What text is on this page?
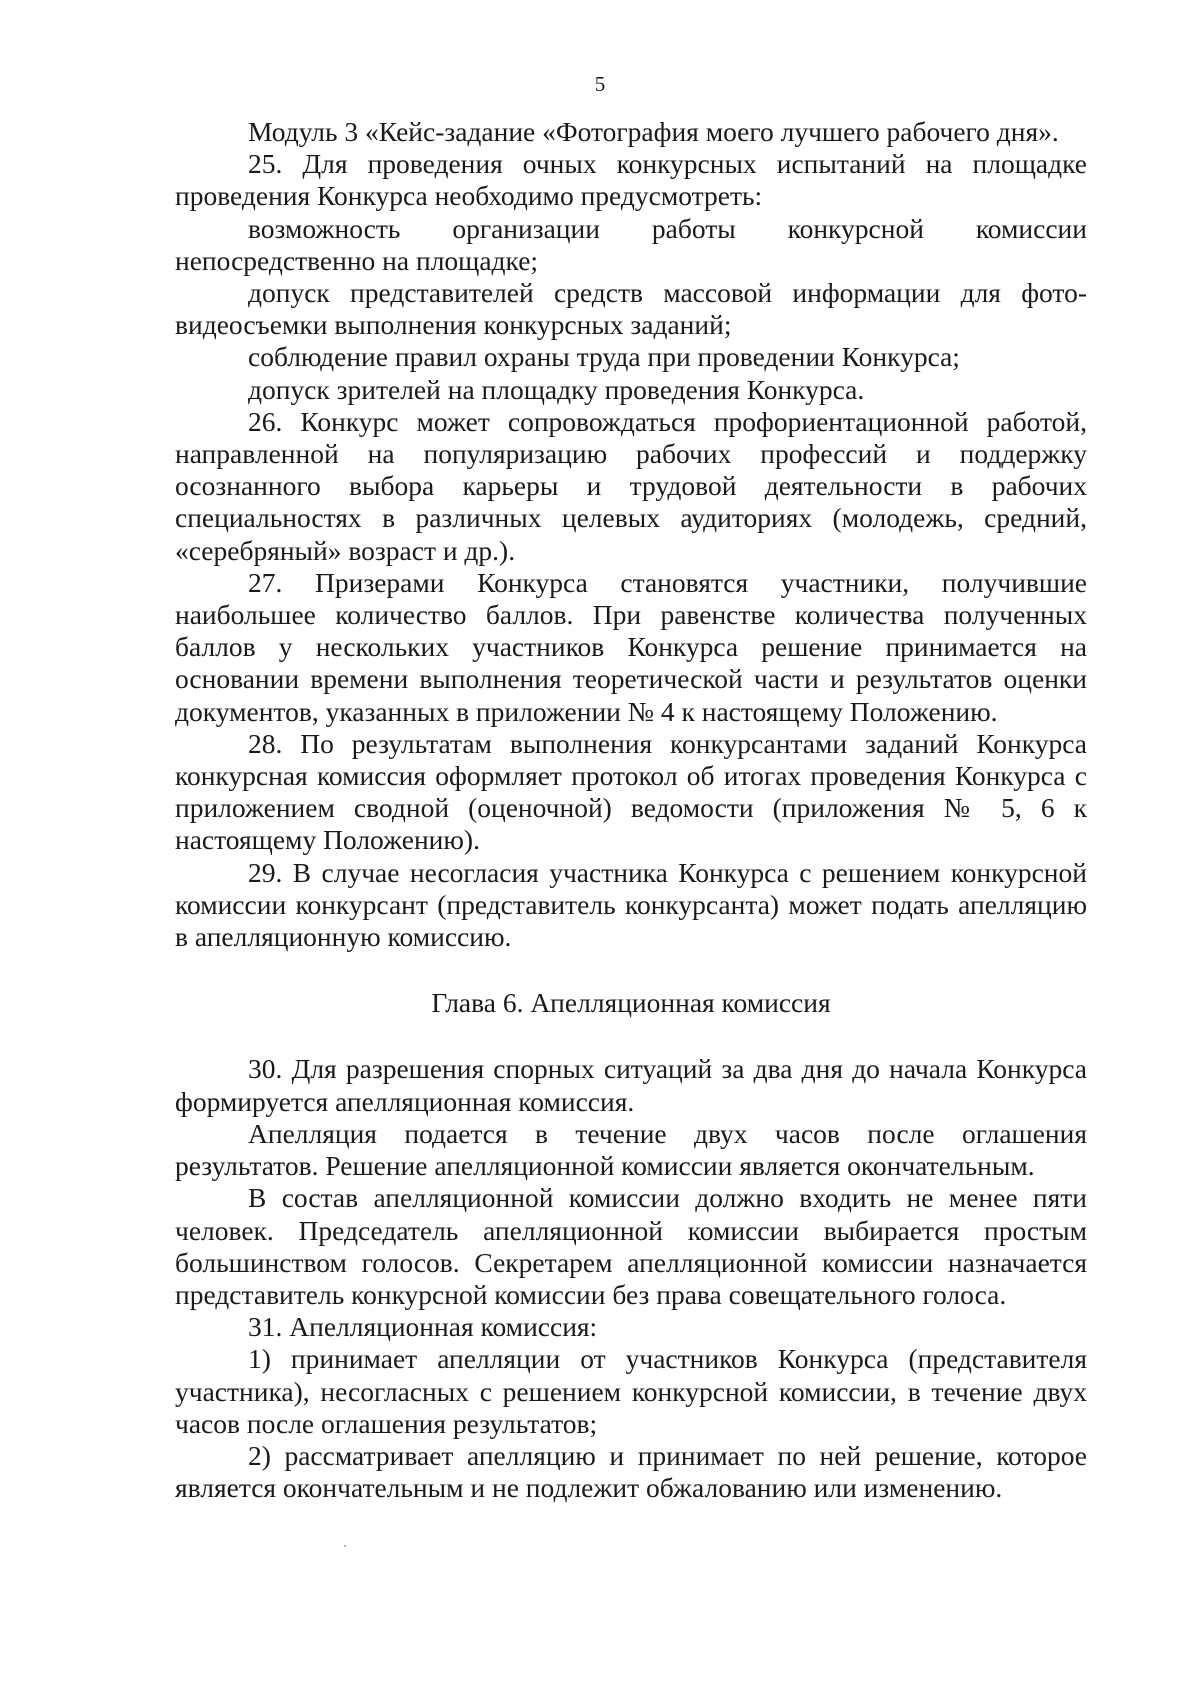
5

Модуль 3 «Кейс-задание «Фотография моего лучшего рабочего дня».

25. Для проведения очных конкурсных испытаний на площадке проведения Конкурса необходимо предусмотреть:

возможность организации работы конкурсной комиссии непосредственно на площадке;

допуск представителей средств массовой информации для фото-видеосъемки выполнения конкурсных заданий;

соблюдение правил охраны труда при проведении Конкурса;

допуск зрителей на площадку проведения Конкурса.

26. Конкурс может сопровождаться профориентационной работой, направленной на популяризацию рабочих профессий и поддержку осознанного выбора карьеры и трудовой деятельности в рабочих специальностях в различных целевых аудиториях (молодежь, средний, «серебряный» возраст и др.).

27. Призерами Конкурса становятся участники, получившие наибольшее количество баллов. При равенстве количества полученных баллов у нескольких участников Конкурса решение принимается на основании времени выполнения теоретической части и результатов оценки документов, указанных в приложении № 4 к настоящему Положению.

28. По результатам выполнения конкурсантами заданий Конкурса конкурсная комиссия оформляет протокол об итогах проведения Конкурса с приложением сводной (оценочной) ведомости (приложения № 5, 6 к настоящему Положению).

29. В случае несогласия участника Конкурса с решением конкурсной комиссии конкурсант (представитель конкурсанта) может подать апелляцию в апелляционную комиссию.

Глава 6. Апелляционная комиссия

30. Для разрешения спорных ситуаций за два дня до начала Конкурса формируется апелляционная комиссия.

Апелляция подается в течение двух часов после оглашения результатов. Решение апелляционной комиссии является окончательным.

В состав апелляционной комиссии должно входить не менее пяти человек. Председатель апелляционной комиссии выбирается простым большинством голосов. Секретарем апелляционной комиссии назначается представитель конкурсной комиссии без права совещательного голоса.

31. Апелляционная комиссия:

1) принимает апелляции от участников Конкурса (представителя участника), несогласных с решением конкурсной комиссии, в течение двух часов после оглашения результатов;

2) рассматривает апелляцию и принимает по ней решение, которое является окончательным и не подлежит обжалованию или изменению.
